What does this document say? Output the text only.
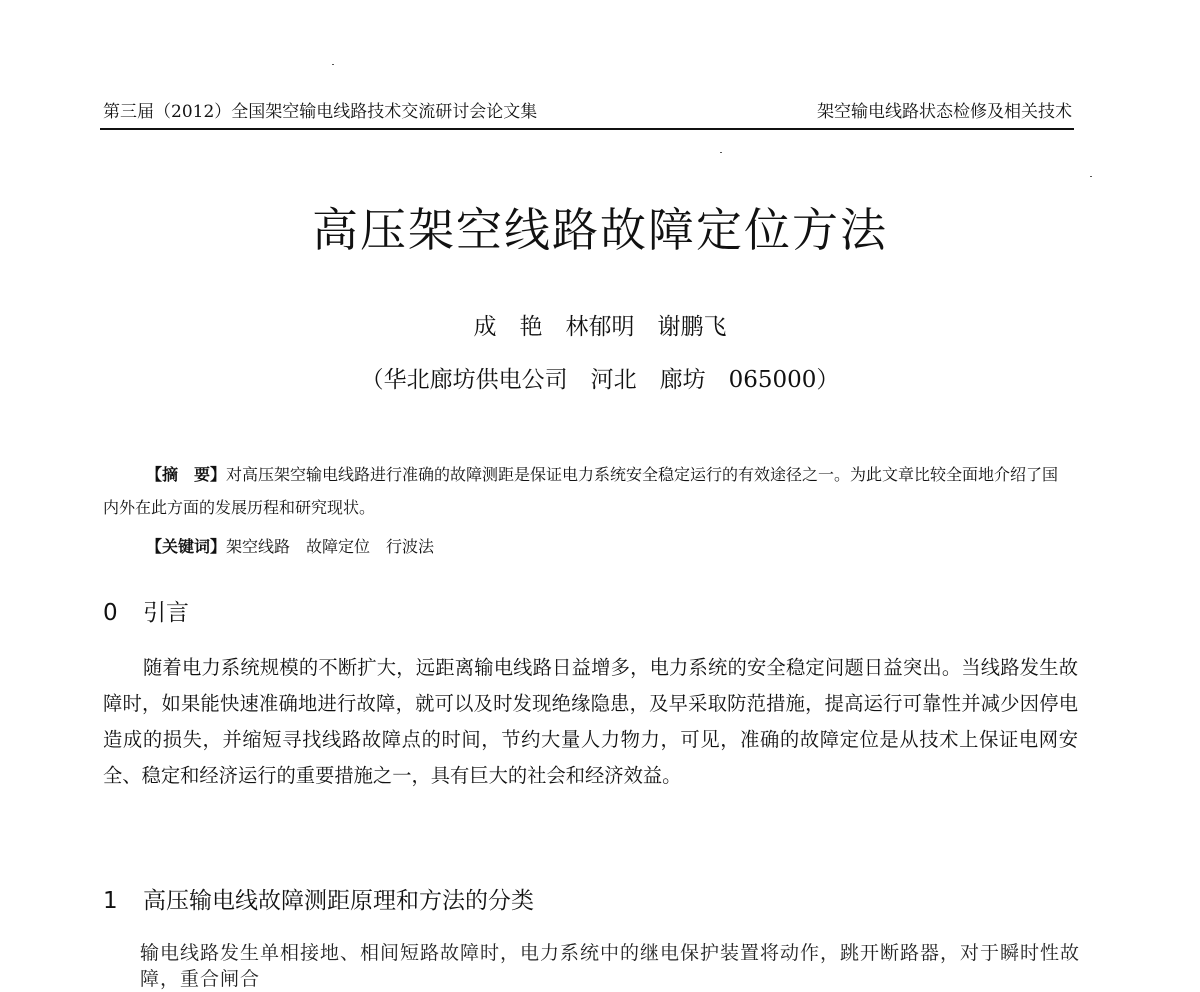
第三届（2012）全国架空输电线路技术交流研讨会论文集	架空输电线路状态检修及相关技术
高压架空线路故障定位方法
成　艳　林郁明　谢鹏飞
（华北廊坊供电公司　河北　廊坊　065000）

【摘　要】对高压架空输电线路进行准确的故障测距是保证电力系统安全稳定运行的有效途径之一。为此文章比较全面地介绍了国内外在此方面的发展历程和研究现状。

【关键词】架空线路 故障定位 行波法
0 引言

随着电力系统规模的不断扩大，远距离输电线路日益增多，电力系统的安全稳定问题日益突出。当线路发生故障时，如果能快速准确地进行故障，就可以及时发现绝缘隐患，及早采取防范措施，提高运行可靠性并减少因停电造成的损失，并缩短寻找线路故障点的时间，节约大量人力物力，可见，准确的故障定位是从技术上保证电网安全、稳定和经济运行的重要措施之一，具有巨大的社会和经济效益。

1 高压输电线故障测距原理和方法的分类
输电线路发生单相接地、相间短路故障时，电力系统中的继电保护装置将动作，跳开断路器，对于瞬时性故障，重合闸合
